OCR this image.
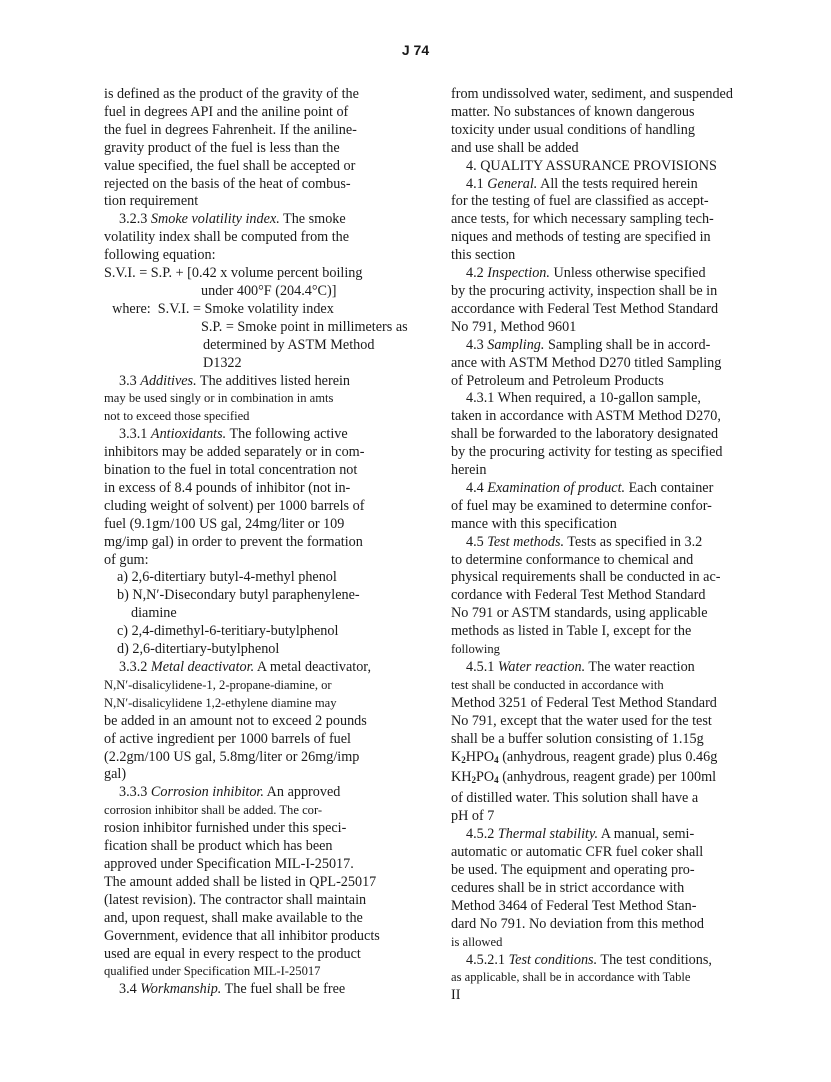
J 74

is defined as the product of the gravity of the

fuel in degrees API and the aniline point of

the fuel in degrees Fahrenheit. If the aniline-

gravity product of the fuel is less than the

value specified, the fuel shall be accepted or

rejected on the basis of the heat of combus-

tion requirement

3.2.3 Smoke volatility index. The smoke

volatility index shall be computed from the

following equation:

S.V.I. = S.P. + [0.42 x volume percent boiling

under 400°F (204.4°C)]

where:  S.V.I. = Smoke volatility index

S.P. = Smoke point in millimeters as

determined by ASTM Method

D1322

3.3 Additives. The additives listed herein

may be used singly or in combination in amts

not to exceed those specified

3.3.1 Antioxidants. The following active

inhibitors may be added separately or in com-

bination to the fuel in total concentration not

in excess of 8.4 pounds of inhibitor (not in-

cluding weight of solvent) per 1000 barrels of

fuel (9.1gm/100 US gal, 24mg/liter or 109

mg/imp gal) in order to prevent the formation

of gum:

a) 2,6-ditertiary butyl-4-methyl phenol

b) N,N′-Disecondary butyl paraphenylene-

diamine

c) 2,4-dimethyl-6-teritiary-butylphenol

d) 2,6-ditertiary-butylphenol

3.3.2 Metal deactivator. A metal deactivator,

N,N′-disalicylidene-1, 2-propane-diamine, or

N,N′-disalicylidene 1,2-ethylene diamine may

be added in an amount not to exceed 2 pounds

of active ingredient per 1000 barrels of fuel

(2.2gm/100 US gal, 5.8mg/liter or 26mg/imp

gal)

3.3.3 Corrosion inhibitor. An approved

corrosion inhibitor shall be added. The cor-

rosion inhibitor furnished under this speci-

fication shall be product which has been

approved under Specification MIL-I-25017.

The amount added shall be listed in QPL-25017

(latest revision). The contractor shall maintain

and, upon request, shall make available to the

Government, evidence that all inhibitor products

used are equal in every respect to the product

qualified under Specification MIL-I-25017

3.4 Workmanship. The fuel shall be free

from undissolved water, sediment, and suspended

matter. No substances of known dangerous

toxicity under usual conditions of handling

and use shall be added

4. QUALITY ASSURANCE PROVISIONS

4.1 General. All the tests required herein

for the testing of fuel are classified as accept-

ance tests, for which necessary sampling tech-

niques and methods of testing are specified in

this section

4.2 Inspection. Unless otherwise specified

by the procuring activity, inspection shall be in

accordance with Federal Test Method Standard

No 791, Method 9601

4.3 Sampling. Sampling shall be in accord-

ance with ASTM Method D270 titled Sampling

of Petroleum and Petroleum Products

4.3.1 When required, a 10-gallon sample,

taken in accordance with ASTM Method D270,

shall be forwarded to the laboratory designated

by the procuring activity for testing as specified

herein

4.4 Examination of product. Each container

of fuel may be examined to determine confor-

mance with this specification

4.5 Test methods. Tests as specified in 3.2

to determine conformance to chemical and

physical requirements shall be conducted in ac-

cordance with Federal Test Method Standard

No 791 or ASTM standards, using applicable

methods as listed in Table I, except for the

following

4.5.1 Water reaction. The water reaction

test shall be conducted in accordance with

Method 3251 of Federal Test Method Standard

No 791, except that the water used for the test

shall be a buffer solution consisting of 1.15g

$K_2HPO_4$ (anhydrous, reagent grade) plus 0.46g

$KH_2PO_4$ (anhydrous, reagent grade) per 100ml

of distilled water. This solution shall have a

pH of 7

4.5.2 Thermal stability. A manual, semi-

automatic or automatic CFR fuel coker shall

be used. The equipment and operating pro-

cedures shall be in strict accordance with

Method 3464 of Federal Test Method Stan-

dard No 791. No deviation from this method

is allowed

4.5.2.1 Test conditions. The test conditions,

as applicable, shall be in accordance with Table

II
